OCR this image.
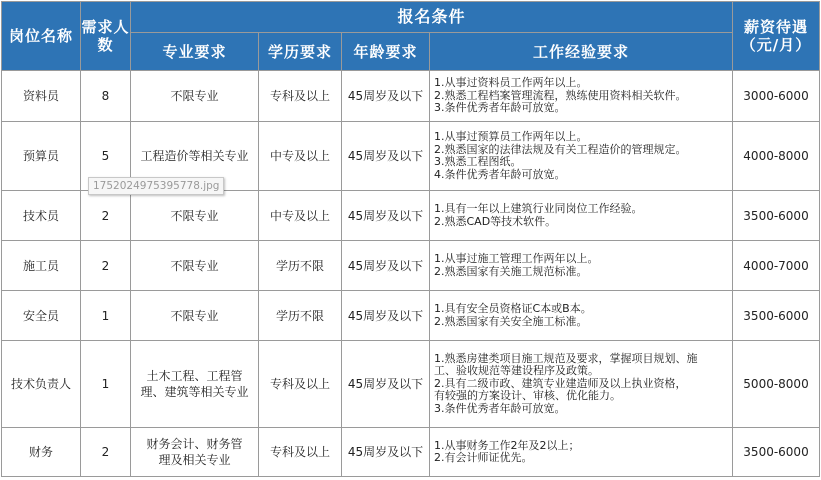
岗位名称	需求人数	报名条件				薪资待遇（元/月）
		专业要求	学历要求	年龄要求	工作经验要求	
资料员	8	不限专业	专科及以上	45周岁及以下	1.从事过资料员工作两年以上。
2.熟悉工程档案管理流程，熟练使用资料相关软件。
3.条件优秀者年龄可放宽。	3000-6000
预算员	5	工程造价等相关专业	中专及以上	45周岁及以下	1.从事过预算员工作两年以上。
2.熟悉国家的法律法规及有关工程造价的管理规定。
3.熟悉工程图纸。
4.条件优秀者年龄可放宽。	4000-8000
技术员	2	不限专业	中专及以上	45周岁及以下	1.具有一年以上建筑行业同岗位工作经验。
2.熟悉CAD等技术软件。	3500-6000
施工员	2	不限专业	学历不限	45周岁及以下	1.从事过施工管理工作两年以上。
2.熟悉国家有关施工规范标准。	4000-7000
安全员	1	不限专业	学历不限	45周岁及以下	1.具有安全员资格证C本或B本。
2.熟悉国家有关安全施工标准。	3500-6000
技术负责人	1	土木工程、工程管理、建筑等相关专业	专科及以上	45周岁及以下	1.熟悉房建类项目施工规范及要求，掌握项目规划、施
工、验收规范等建设程序及政策。
2.具有二级市政、建筑专业建造师及以上执业资格，
有较强的方案设计、审核、优化能力。
3.条件优秀者年龄可放宽。	5000-8000
财务	2	财务会计、财务管理及相关专业	专科及以上	45周岁及以下	1.从事财务工作2年及2以上；
2.有会计师证优先。	3500-6000
1752024975395778.jpg
